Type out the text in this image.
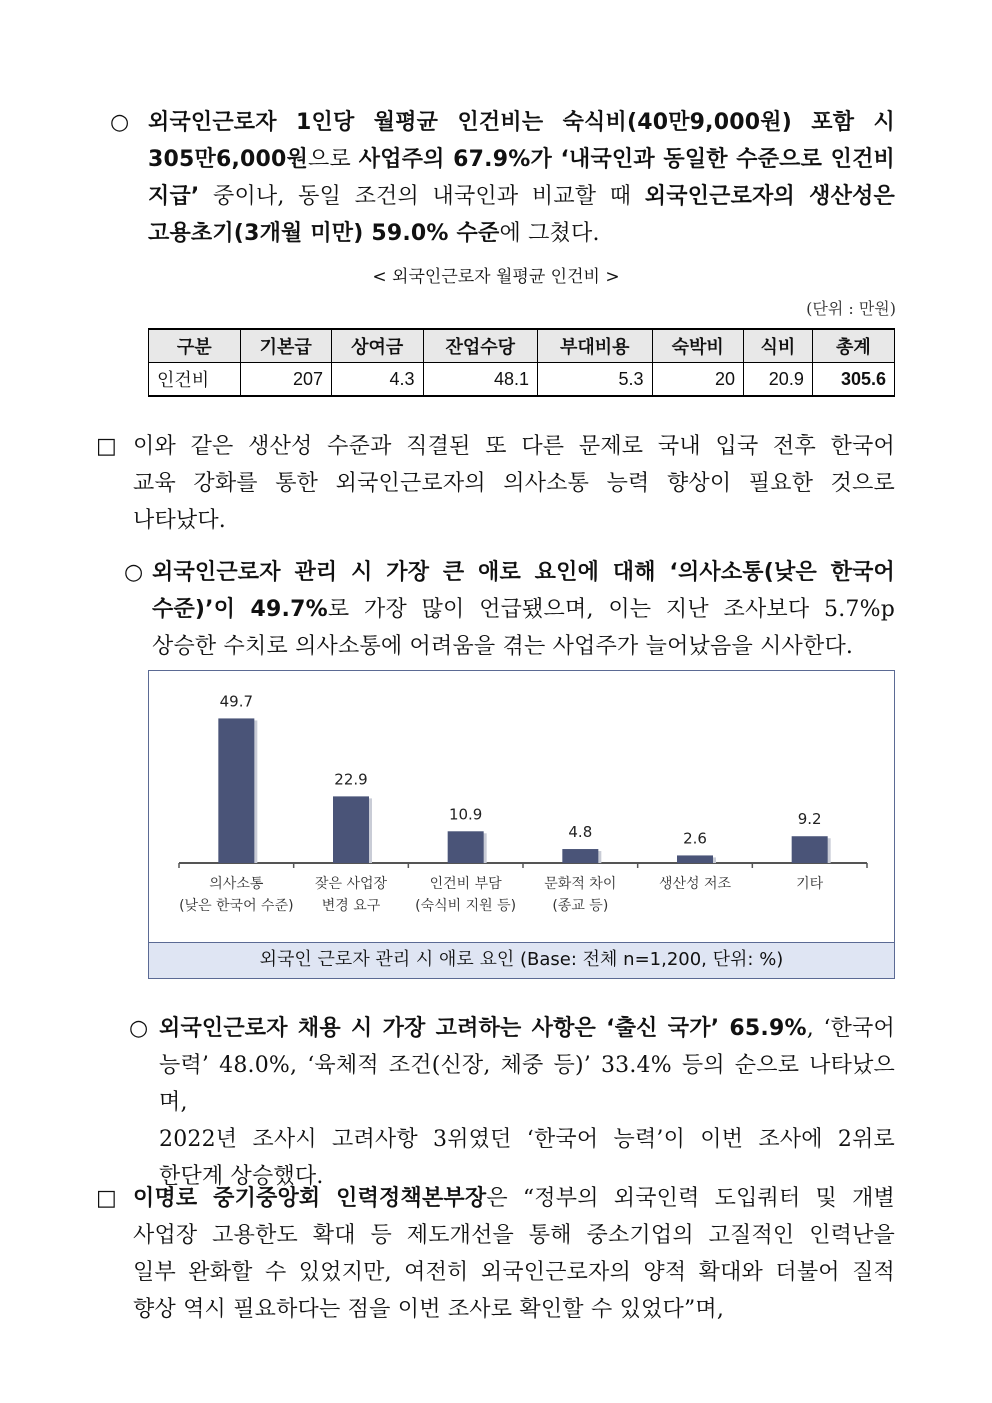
○ 외국인근로자 1인당 월평균 인건비는 숙식비(40만9,000원) 포함 시

305만6,000원으로 사업주의 67.9%가 ‘내국인과 동일한 수준으로 인건비

지급’ 중이나, 동일 조건의 내국인과 비교할 때 외국인근로자의 생산성은

고용초기(3개월 미만) 59.0% 수준에 그쳤다.

< 외국인근로자 월평균 인건비 >
(단위 : 만원)
구분	기본급	상여금	잔업수당	부대비용	숙박비	식비	총계
인건비	207	4.3	48.1	5.3	20	20.9	305.6
□ 이와 같은 생산성 수준과 직결된 또 다른 문제로 국내 입국 전후 한국어

교육 강화를 통한 외국인근로자의 의사소통 능력 향상이 필요한 것으로

나타났다.

○ 외국인근로자 관리 시 가장 큰 애로 요인에 대해 ‘의사소통(낮은 한국어

수준)’이 49.7%로 가장 많이 언급됐으며, 이는 지난 조사보다 5.7%p

상승한 수치로 의사소통에 어려움을 겪는 사업주가 늘어났음을 시사한다.

의사소통
(낮은 한국어 수준)
잦은 사업장
변경 요구
인건비 부담
(숙식비 지원 등)
문화적 차이
(종교 등)
생산성 저조	기타
49.7
22.9
10.9
4.8	2.6
9.2
외국인 근로자 관리 시 애로 요인 (Base: 전체 n=1,200, 단위: %)
○ 외국인근로자 채용 시 가장 고려하는 사항은 ‘출신 국가’ 65.9%, ‘한국어

능력’ 48.0%, ‘육체적 조건(신장, 체중 등)’ 33.4% 등의 순으로 나타났으며,

2022년 조사시 고려사항 3위였던 ‘한국어 능력’이 이번 조사에 2위로

한단계 상승했다.

□ 이명로 중기중앙회 인력정책본부장은 “정부의 외국인력 도입쿼터 및 개별

사업장 고용한도 확대 등 제도개선을 통해 중소기업의 고질적인 인력난을

일부 완화할 수 있었지만, 여전히 외국인근로자의 양적 확대와 더불어 질적

향상 역시 필요하다는 점을 이번 조사로 확인할 수 있었다”며,
